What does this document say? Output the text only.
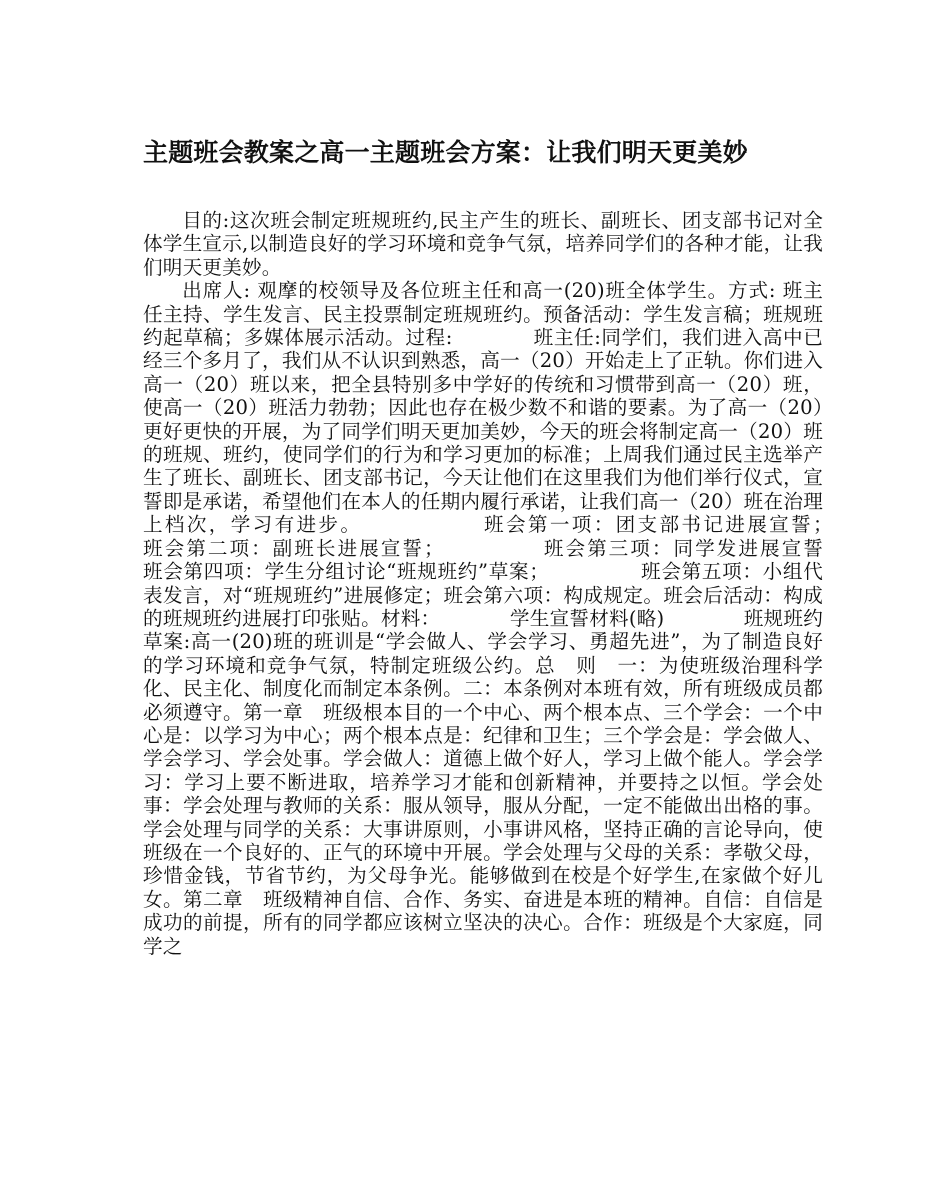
主题班会教案之高一主题班会方案：让我们明天更美妙

目的:这次班会制定班规班约,民主产生的班长、副班长、团支部书记对全体学生宣示,以制造良好的学习环境和竞争气氛，培养同学们的各种才能，让我们明天更美妙。

出席人: 观摩的校领导及各位班主任和高一(20)班全体学生。方式: 班主任主持、学生发言、民主投票制定班规班约。预备活动：学生发言稿；班规班约起草稿；多媒体展示活动。过程:　　　　班主任:同学们，我们进入高中已经三个多月了，我们从不认识到熟悉，高一（20）开始走上了正轨。你们进入高一（20）班以来，把全县特别多中学好的传统和习惯带到高一（20）班，使高一（20）班活力勃勃；因此也存在极少数不和谐的要素。为了高一（20）更好更快的开展，为了同学们明天更加美妙，今天的班会将制定高一（20）班的班规、班约，使同学们的行为和学习更加的标准；上周我们通过民主选举产生了班长、副班长、团支部书记，今天让他们在这里我们为他们举行仪式，宣誓即是承诺，希望他们在本人的任期内履行承诺，让我们高一（20）班在治理上档次，学习有进步。　　　　　　班会第一项：团支部书记进展宣誓；　　　　　　班会第二项：副班长进展宣誓；　　　　　班会第三项：同学发进展宣誓　　　　　班会第四项：学生分组讨论“班规班约”草案；　　　　　班会第五项：小组代表发言，对“班规班约”进展修定；班会第六项：构成规定。班会后活动：构成的班规班约进展打印张贴。材料：　　　　学生宣誓材料(略)　　　　班规班约草案:高一(20)班的班训是“学会做人、学会学习、勇超先进”，为了制造良好的学习环境和竞争气氛，特制定班级公约。总　则　一：为使班级治理科学化、民主化、制度化而制定本条例。二：本条例对本班有效，所有班级成员都必须遵守。第一章　班级根本目的一个中心、两个根本点、三个学会：一个中心是：以学习为中心；两个根本点是：纪律和卫生；三个学会是：学会做人、学会学习、学会处事。学会做人：道德上做个好人，学习上做个能人。学会学习：学习上要不断进取，培养学习才能和创新精神，并要持之以恒。学会处事：学会处理与教师的关系：服从领导，服从分配，一定不能做出出格的事。学会处理与同学的关系：大事讲原则，小事讲风格，坚持正确的言论导向，使班级在一个良好的、正气的环境中开展。学会处理与父母的关系：孝敬父母，珍惜金钱，节省节约，为父母争光。能够做到在校是个好学生,在家做个好儿女。第二章　班级精神自信、合作、务实、奋进是本班的精神。自信：自信是成功的前提，所有的同学都应该树立坚决的决心。合作：班级是个大家庭，同学之
